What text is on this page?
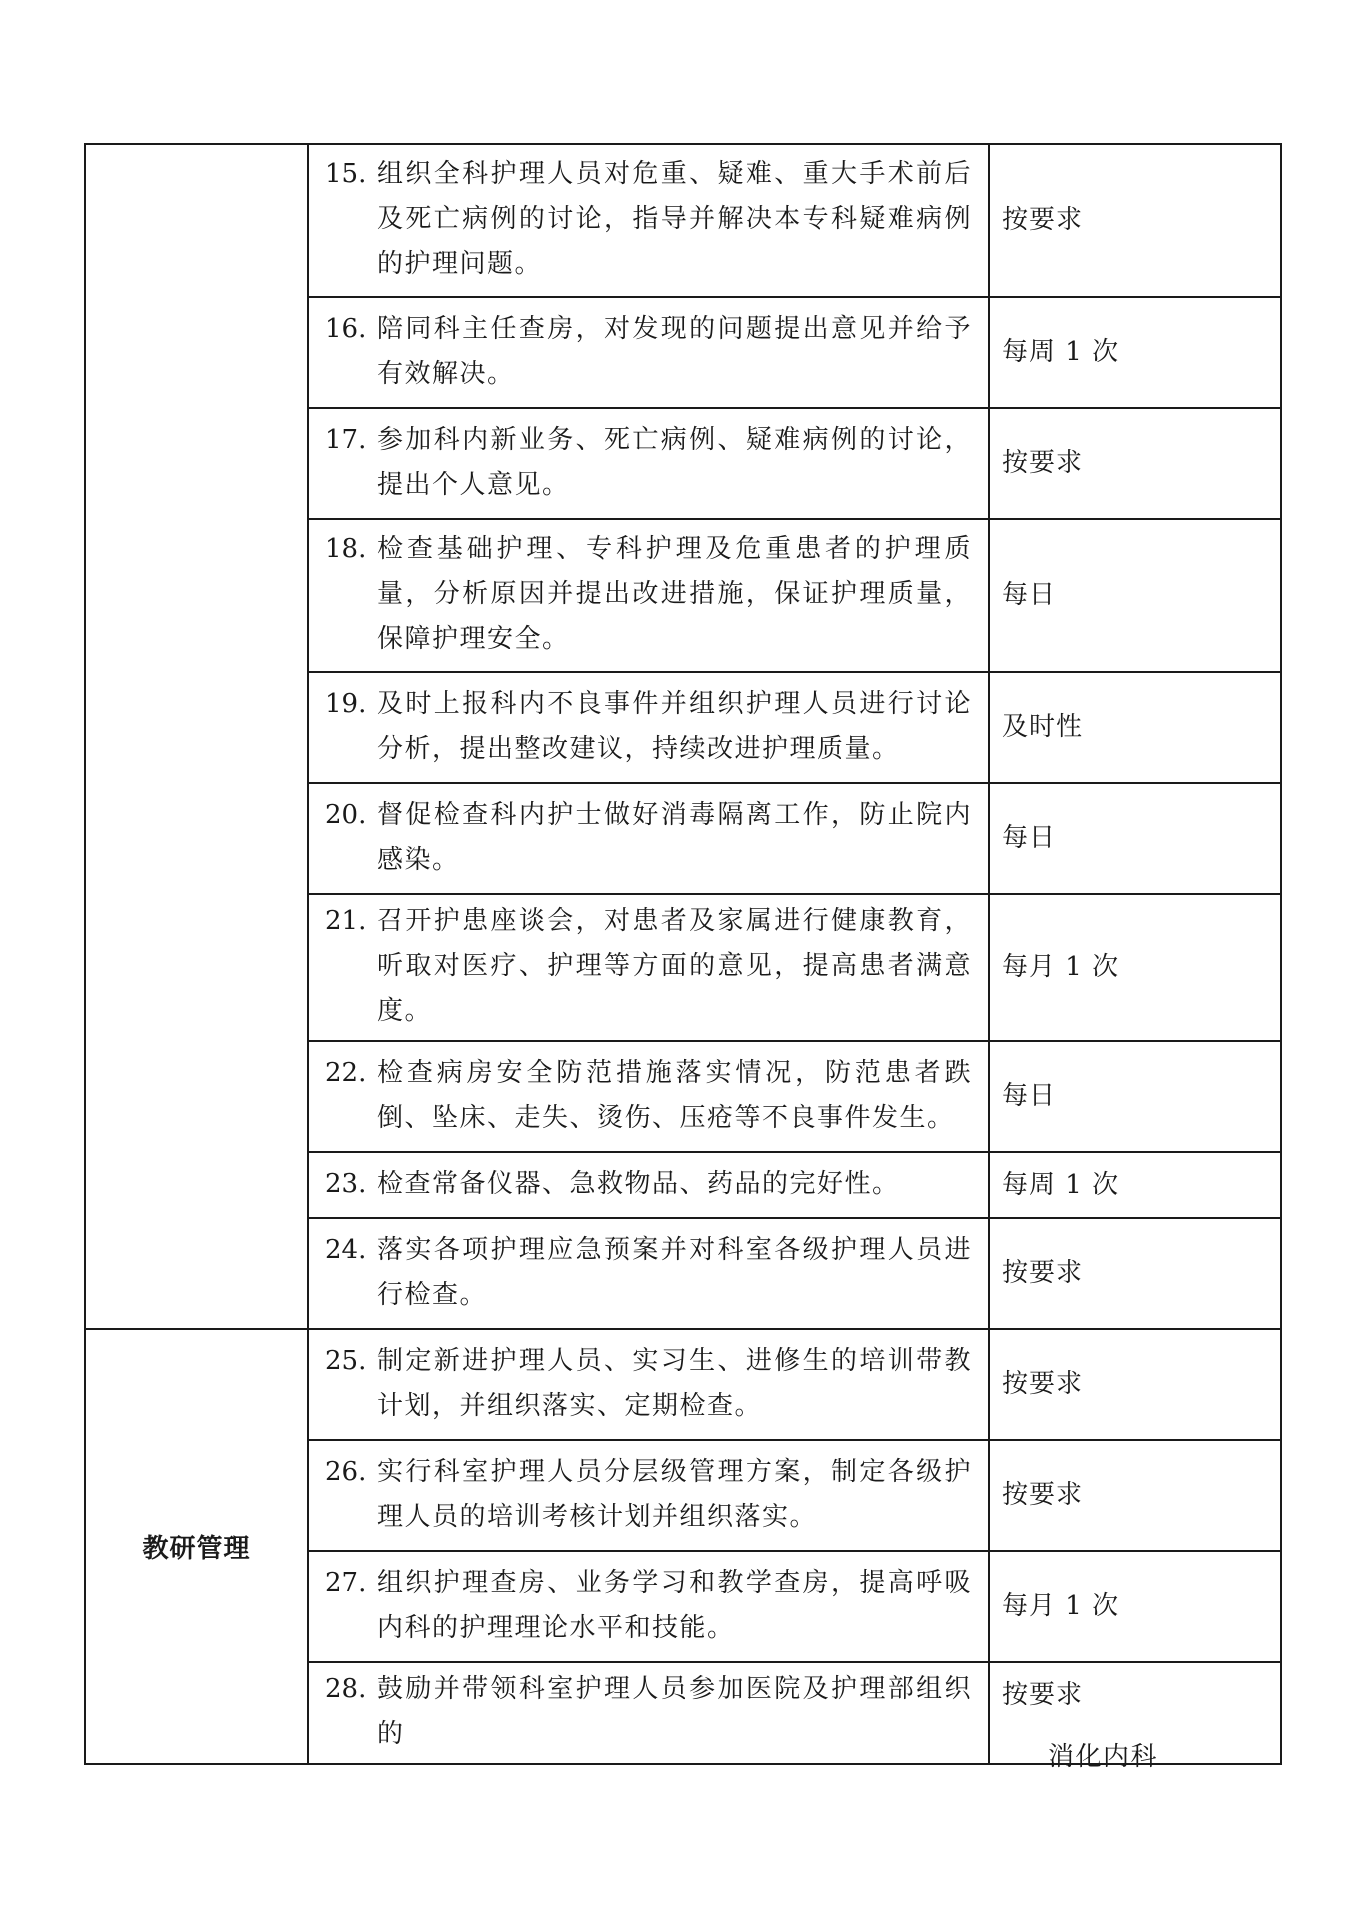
	15. 组织全科护理人员对危重、疑难、重大手术前后及死亡病例的讨论，指导并解决本专科疑难病例的护理问题。	按要求

	16. 陪同科主任查房，对发现的问题提出意见并给予有效解决。	每周 1 次

	17. 参加科内新业务、死亡病例、疑难病例的讨论，提出个人意见。	按要求

	18. 检查基础护理、专科护理及危重患者的护理质量，分析原因并提出改进措施，保证护理质量，保障护理安全。	每日

	19. 及时上报科内不良事件并组织护理人员进行讨论分析，提出整改建议，持续改进护理质量。	及时性

	20. 督促检查科内护士做好消毒隔离工作，防止院内感染。	每日

	21. 召开护患座谈会，对患者及家属进行健康教育，听取对医疗、护理等方面的意见，提高患者满意度。	每月 1 次

	22. 检查病房安全防范措施落实情况，防范患者跌倒、坠床、走失、烫伤、压疮等不良事件发生。	每日

	23. 检查常备仪器、急救物品、药品的完好性。	每周 1 次

	24. 落实各项护理应急预案并对科室各级护理人员进行检查。	按要求
教研管理	25. 制定新进护理人员、实习生、进修生的培训带教计划，并组织落实、定期检查。	按要求

	26. 实行科室护理人员分层级管理方案，制定各级护理人员的培训考核计划并组织落实。	按要求

	27. 组织护理查房、业务学习和教学查房，提高呼吸内科的护理理论水平和技能。	每月 1 次

	28. 鼓励并带领科室护理人员参加医院及护理部组织的	按要求
消化内科
